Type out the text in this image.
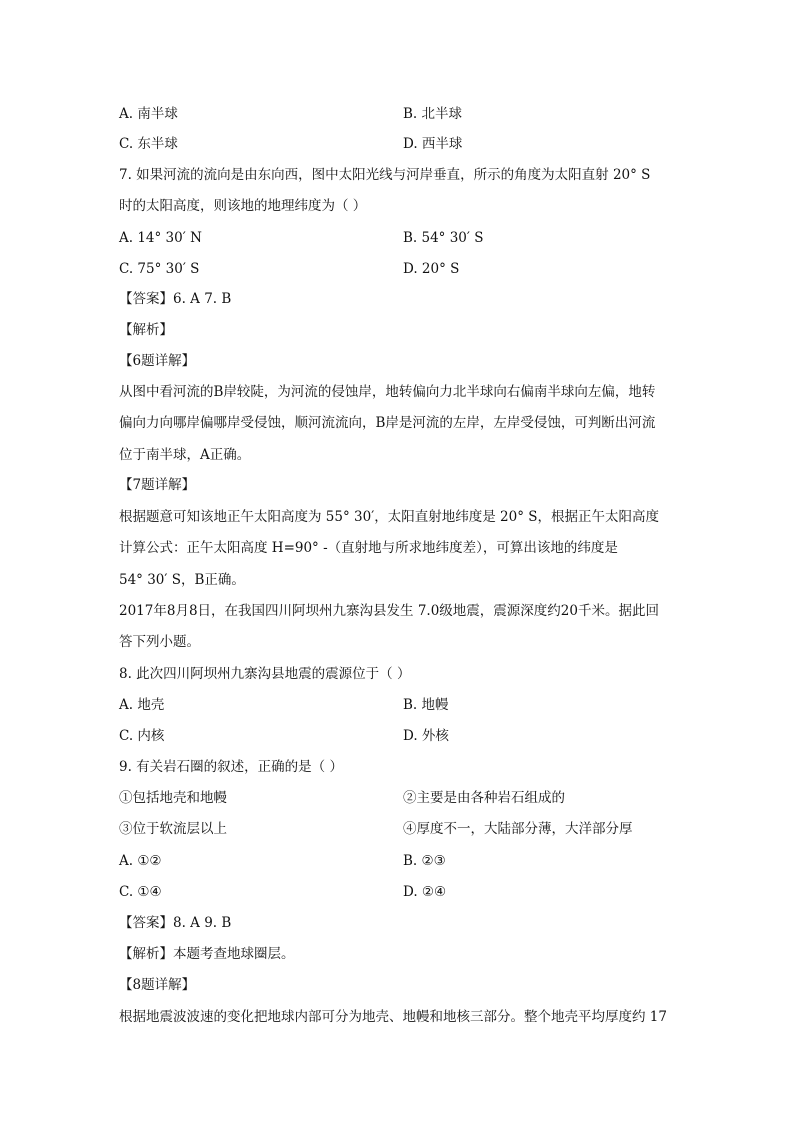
A. 南半球	B. 北半球
C. 东半球	D. 西半球
7. 如果河流的流向是由东向西，图中太阳光线与河岸垂直，所示的角度为太阳直射 20° S
时的太阳高度，则该地的地理纬度为（ ）
A. 14° 30′ N	B. 54° 30′ S
C. 75° 30′ S	D. 20° S
【答案】6. A 7. B
【解析】
【6题详解】
从图中看河流的B岸较陡，为河流的侵蚀岸，地转偏向力北半球向右偏南半球向左偏，地转
偏向力向哪岸偏哪岸受侵蚀，顺河流流向，B岸是河流的左岸，左岸受侵蚀，可判断出河流
位于南半球，A正确。
【7题详解】
根据题意可知该地正午太阳高度为 55° 30′，太阳直射地纬度是 20° S，根据正午太阳高度
计算公式：正午太阳高度 H=90° -（直射地与所求地纬度差），可算出该地的纬度是
54° 30′ S，B正确。
2017年8月8日，在我国四川阿坝州九寨沟县发生 7.0级地震，震源深度约20千米。据此回
答下列小题。
8. 此次四川阿坝州九寨沟县地震的震源位于（ ）
A. 地壳	B. 地幔
C. 内核	D. 外核
9. 有关岩石圈的叙述，正确的是（ ）
①包括地壳和地幔	②主要是由各种岩石组成的
③位于软流层以上	④厚度不一，大陆部分薄，大洋部分厚
A. ①②	B. ②③
C. ①④	D. ②④
【答案】8. A 9. B
【解析】本题考查地球圈层。
【8题详解】
根据地震波波速的变化把地球内部可分为地壳、地幔和地核三部分。整个地壳平均厚度约 17
